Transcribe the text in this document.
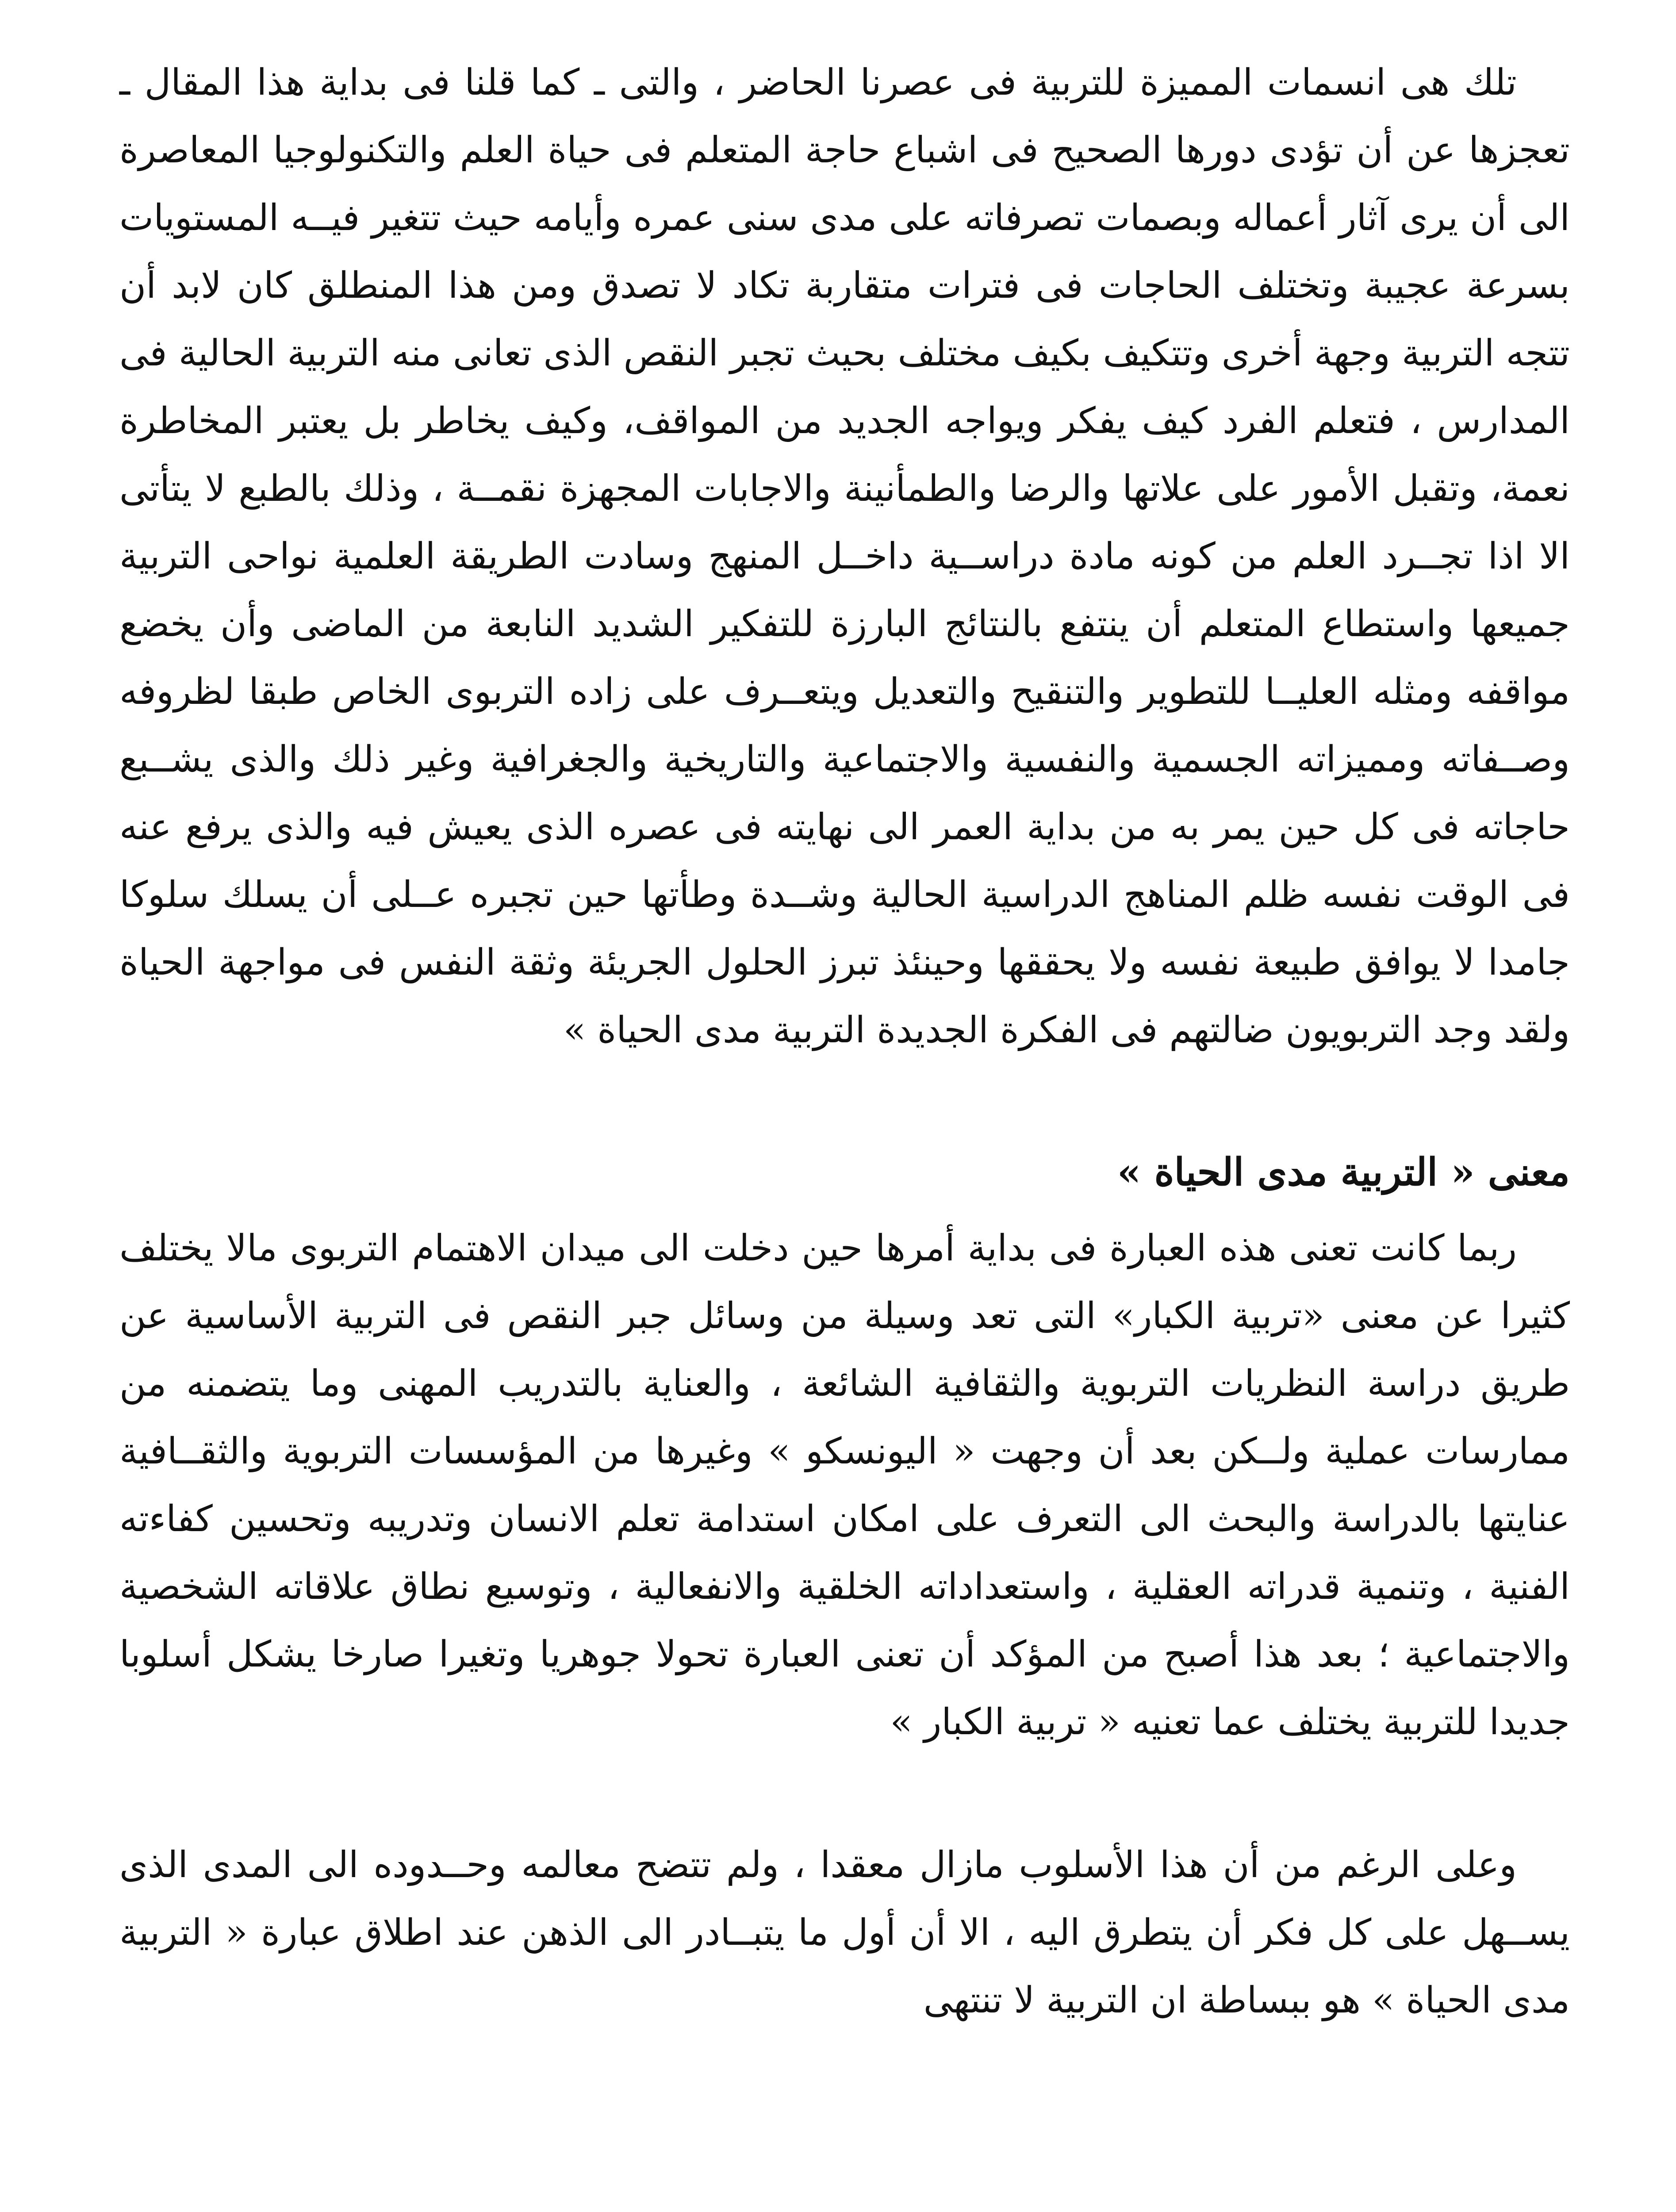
تلك هى انسمات المميزة للتربية فى عصرنا الحاضر ، والتى ـ كما قلنا فى بداية هذا المقال ـ تعجزها عن أن تؤدى دورها الصحيح فى اشباع حاجة المتعلم فى حياة العلم والتكنولوجيا المعاصرة الى أن يرى آثار أعماله وبصمات تصرفاته على مدى سنى عمره وأيامه حيث تتغير فيــه المستويات بسرعة عجيبة وتختلف الحاجات فى فترات متقاربة تكاد لا تصدق ومن هذا المنطلق كان لابد أن تتجه التربية وجهة أخرى وتتكيف بكيف مختلف بحيث تجبر النقص الذى تعانى منه التربية الحالية فى المدارس ، فتعلم الفرد كيف يفكر ويواجه الجديد من المواقف، وكيف يخاطر بل يعتبر المخاطرة نعمة، وتقبل الأمور على علاتها والرضا والطمأنينة والاجابات المجهزة نقمــة ، وذلك بالطبع لا يتأتى الا اذا تجــرد العلم من كونه مادة دراســية داخــل المنهج وسادت الطريقة العلمية نواحى التربية جميعها واستطاع المتعلم أن ينتفع بالنتائج البارزة للتفكير الشديد النابعة من الماضى وأن يخضع مواقفه ومثله العليــا للتطوير والتنقيح والتعديل ويتعــرف على زاده التربوى الخاص طبقا لظروفه وصــفاته ومميزاته الجسمية والنفسية والاجتماعية والتاريخية والجغرافية وغير ذلك والذى يشــبع حاجاته فى كل حين يمر به من بداية العمر الى نهايته فى عصره الذى يعيش فيه والذى يرفع عنه فى الوقت نفسه ظلم المناهج الدراسية الحالية وشــدة وطأتها حين تجبره عــلى أن يسلك سلوكا جامدا لا يوافق طبيعة نفسه ولا يحققها وحينئذ تبرز الحلول الجريئة وثقة النفس فى مواجهة الحياة ولقد وجد التربويون ضالتهم فى الفكرة الجديدة التربية مدى الحياة »

معنى « التربية مدى الحياة »

ربما كانت تعنى هذه العبارة فى بداية أمرها حين دخلت الى ميدان الاهتمام التربوى مالا يختلف كثيرا عن معنى «تربية الكبار» التى تعد وسيلة من وسائل جبر النقص فى التربية الأساسية عن طريق دراسة النظريات التربوية والثقافية الشائعة ، والعناية بالتدريب المهنى وما يتضمنه من ممارسات عملية ولــكن بعد أن وجهت « اليونسكو » وغيرها من المؤسسات التربوية والثقــافية عنايتها بالدراسة والبحث الى التعرف على امكان استدامة تعلم الانسان وتدريبه وتحسين كفاءته الفنية ، وتنمية قدراته العقلية ، واستعداداته الخلقية والانفعالية ، وتوسيع نطاق علاقاته الشخصية والاجتماعية ؛ بعد هذا أصبح من المؤكد أن تعنى العبارة تحولا جوهريا وتغيرا صارخا يشكل أسلوبا جديدا للتربية يختلف عما تعنيه « تربية الكبار »

وعلى الرغم من أن هذا الأسلوب مازال معقدا ، ولم تتضح معالمه وحــدوده الى المدى الذى يســهل على كل فكر أن يتطرق اليه ، الا أن أول ما يتبــادر الى الذهن عند اطلاق عبارة « التربية مدى الحياة » هو ببساطة ان التربية لا تنتهى
